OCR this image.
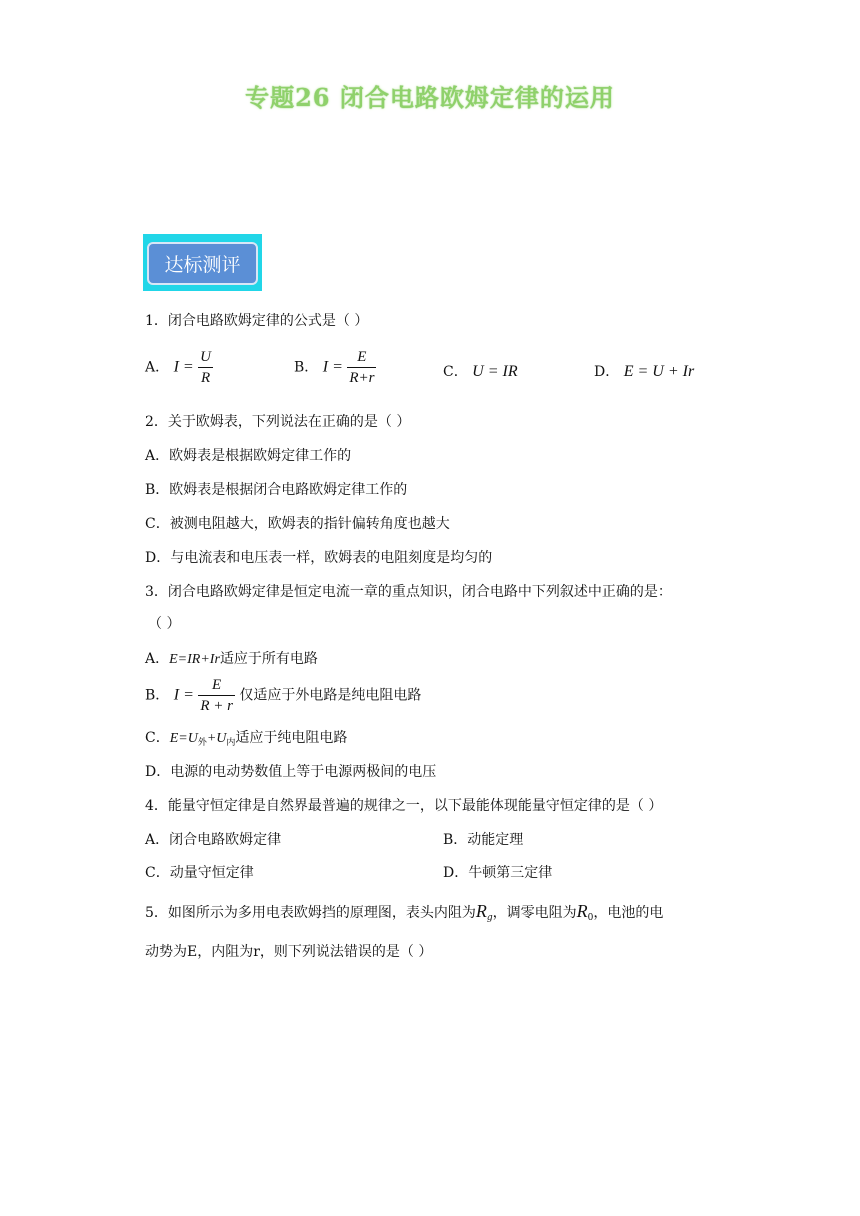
专题26 闭合电路欧姆定律的运用
达标测评
1．闭合电路欧姆定律的公式是（ ）
A． $I = \frac{U}{R}$	B． $I = \frac{E}{R+r}$	C． U = IR	D． E = U + Ir
2．关于欧姆表，下列说法在正确的是（ ）
A．欧姆表是根据欧姆定律工作的
B．欧姆表是根据闭合电路欧姆定律工作的
C．被测电阻越大，欧姆表的指针偏转角度也越大
D．与电流表和电压表一样，欧姆表的电阻刻度是均匀的
3．闭合电路欧姆定律是恒定电流一章的重点知识，闭合电路中下列叙述中正确的是：
（ ）
A．E=IR+Ir适应于所有电路
B． $I = \frac{E}{R + r}$ 仅适应于外电路是纯电阻电路
C．$E=U_外+U_内$适应于纯电阻电路
D．电源的电动势数值上等于电源两极间的电压
4．能量守恒定律是自然界最普遍的规律之一，以下最能体现能量守恒定律的是（ ）
A．闭合电路欧姆定律	B．动能定理
C．动量守恒定律	D．牛顿第三定律
5．如图所示为多用电表欧姆挡的原理图，表头内阻为$R_g$，调零电阻为$R_0$，电池的电
动势为E，内阻为r，则下列说法错误的是（ ）
